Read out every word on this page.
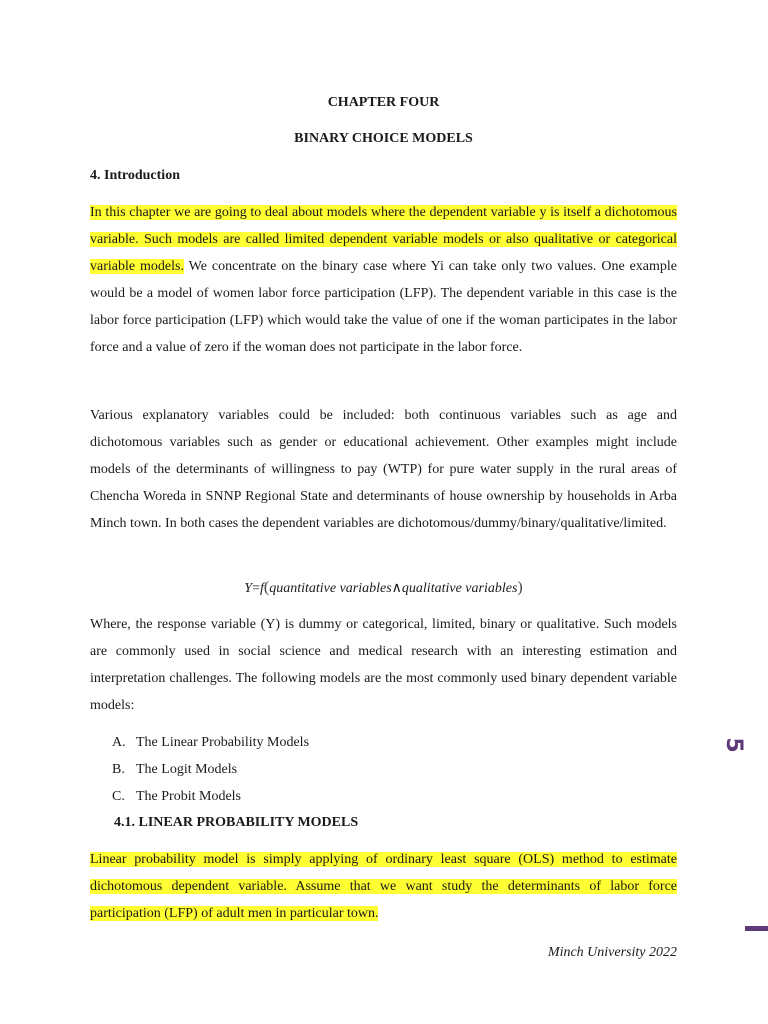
CHAPTER FOUR
BINARY CHOICE MODELS
4. Introduction

In this chapter we are going to deal about models where the dependent variable y is itself a dichotomous variable. Such models are called limited dependent variable models or also qualitative or categorical variable models. We concentrate on the binary case where Yi can take only two values. One example would be a model of women labor force participation (LFP). The dependent variable in this case is the labor force participation (LFP) which would take the value of one if the woman participates in the labor force and a value of zero if the woman does not participate in the labor force.

Various explanatory variables could be included: both continuous variables such as age and dichotomous variables such as gender or educational achievement. Other examples might include models of the determinants of willingness to pay (WTP) for pure water supply in the rural areas of Chencha Woreda in SNNP Regional State and determinants of house ownership by households in Arba Minch town. In both cases the dependent variables are dichotomous/dummy/binary/qualitative/limited.

Y=f(quantitative variables∧qualitative variables)

Where, the response variable (Y) is dummy or categorical, limited, binary or qualitative. Such models are commonly used in social science and medical research with an interesting estimation and interpretation challenges. The following models are the most commonly used binary dependent variable models:

A. The Linear Probability Models
B. The Logit Models
C. The Probit Models
4.1. LINEAR PROBABILITY MODELS

Linear probability model is simply applying of ordinary least square (OLS) method to estimate dichotomous dependent variable. Assume that we want study the determinants of labor force participation (LFP) of adult men in particular town.

Minch University 2022
5
